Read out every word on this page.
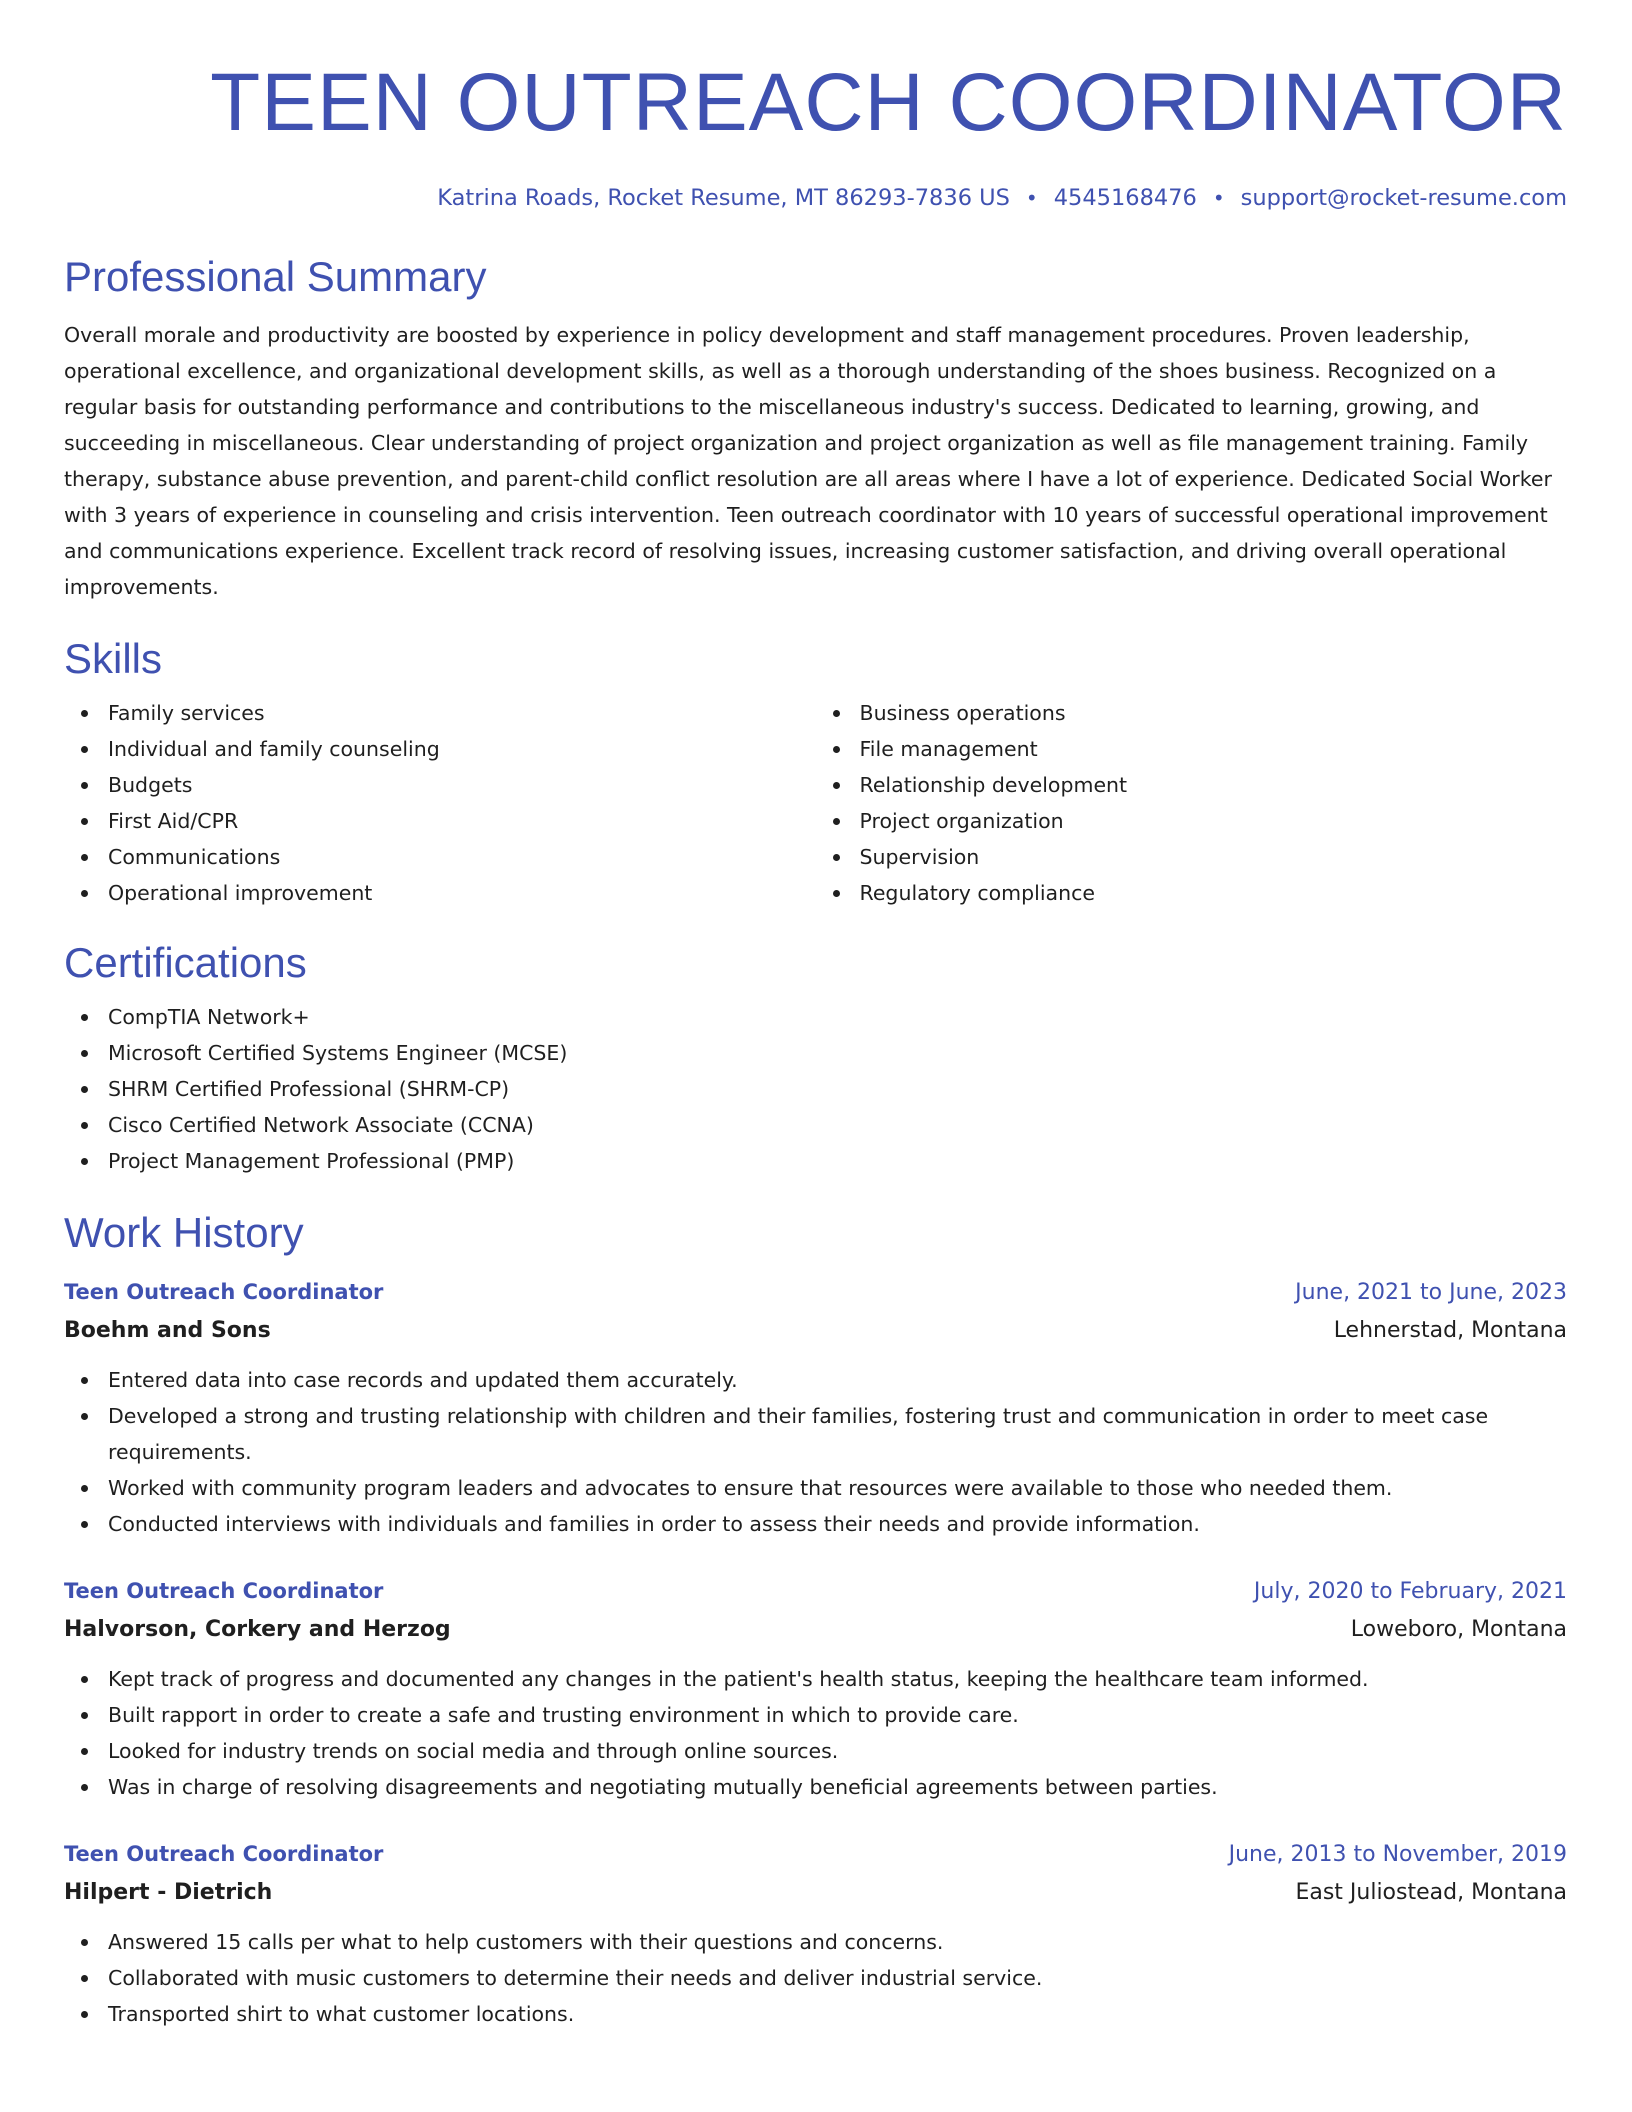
TEEN OUTREACH COORDINATOR
Katrina Roads, Rocket Resume, MT 86293-7836 US • 4545168476 • support@rocket-resume.com
Professional Summary

Overall morale and productivity are boosted by experience in policy development and staff management procedures. Proven leadership, operational excellence, and organizational development skills, as well as a thorough understanding of the shoes business. Recognized on a regular basis for outstanding performance and contributions to the miscellaneous industry's success. Dedicated to learning, growing, and succeeding in miscellaneous. Clear understanding of project organization and project organization as well as file management training. Family therapy, substance abuse prevention, and parent-child conflict resolution are all areas where I have a lot of experience. Dedicated Social Worker with 3 years of experience in counseling and crisis intervention. Teen outreach coordinator with 10 years of successful operational improvement and communications experience. Excellent track record of resolving issues, increasing customer satisfaction, and driving overall operational improvements.

Skills
Family services
Individual and family counseling
Budgets
First Aid/CPR
Communications
Operational improvement
Business operations
File management
Relationship development
Project organization
Supervision
Regulatory compliance
Certifications
CompTIA Network+
Microsoft Certified Systems Engineer (MCSE)
SHRM Certified Professional (SHRM-CP)
Cisco Certified Network Associate (CCNA)
Project Management Professional (PMP)
Work History
Teen Outreach Coordinator	June, 2021 to June, 2023
Boehm and Sons	Lehnerstad, Montana
Entered data into case records and updated them accurately.
Developed a strong and trusting relationship with children and their families, fostering trust and communication in order to meet case requirements.
Worked with community program leaders and advocates to ensure that resources were available to those who needed them.
Conducted interviews with individuals and families in order to assess their needs and provide information.
Teen Outreach Coordinator	July, 2020 to February, 2021
Halvorson, Corkery and Herzog	Loweboro, Montana
Kept track of progress and documented any changes in the patient's health status, keeping the healthcare team informed.
Built rapport in order to create a safe and trusting environment in which to provide care.
Looked for industry trends on social media and through online sources.
Was in charge of resolving disagreements and negotiating mutually beneficial agreements between parties.
Teen Outreach Coordinator	June, 2013 to November, 2019
Hilpert - Dietrich	East Juliostead, Montana
Answered 15 calls per what to help customers with their questions and concerns.
Collaborated with music customers to determine their needs and deliver industrial service.
Transported shirt to what customer locations.
